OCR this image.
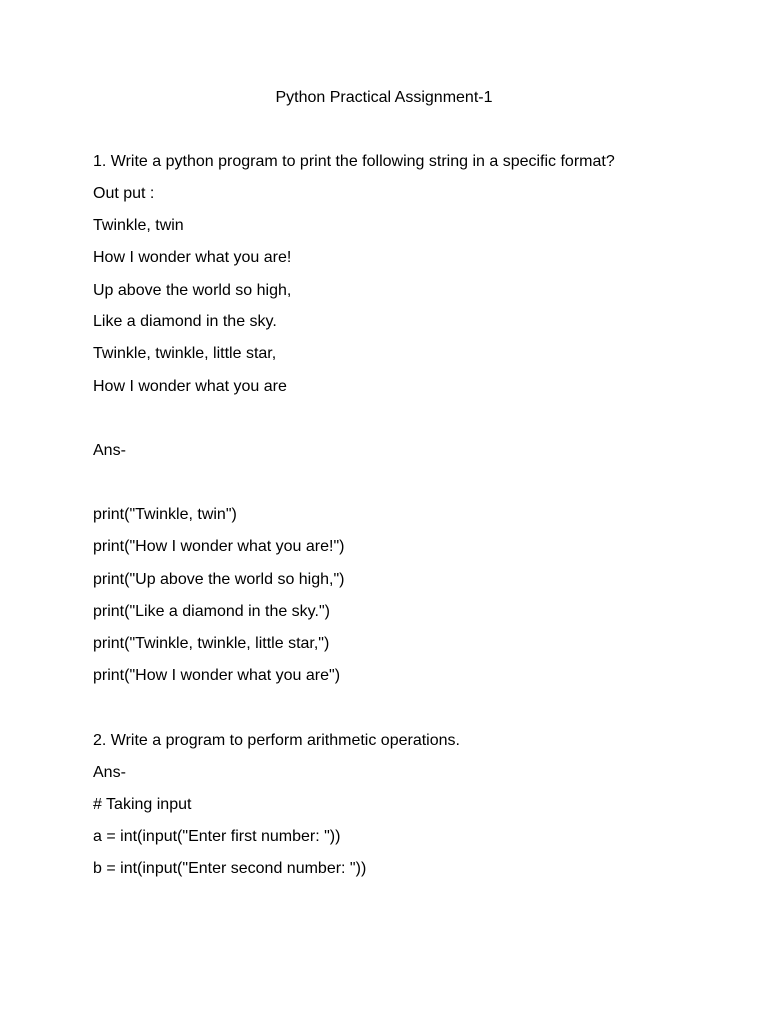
Python Practical Assignment-1
1. Write a python program to print the following string in a specific format?
Out put :
Twinkle, twin
How I wonder what you are!
Up above the world so high,
Like a diamond in the sky.
Twinkle, twinkle, little star,
How I wonder what you are
Ans-
print("Twinkle, twin")
print("How I wonder what you are!")
print("Up above the world so high,")
print("Like a diamond in the sky.")
print("Twinkle, twinkle, little star,")
print("How I wonder what you are")
2. Write a program to perform arithmetic operations.
Ans-
# Taking input
a = int(input("Enter first number: "))
b = int(input("Enter second number: "))
